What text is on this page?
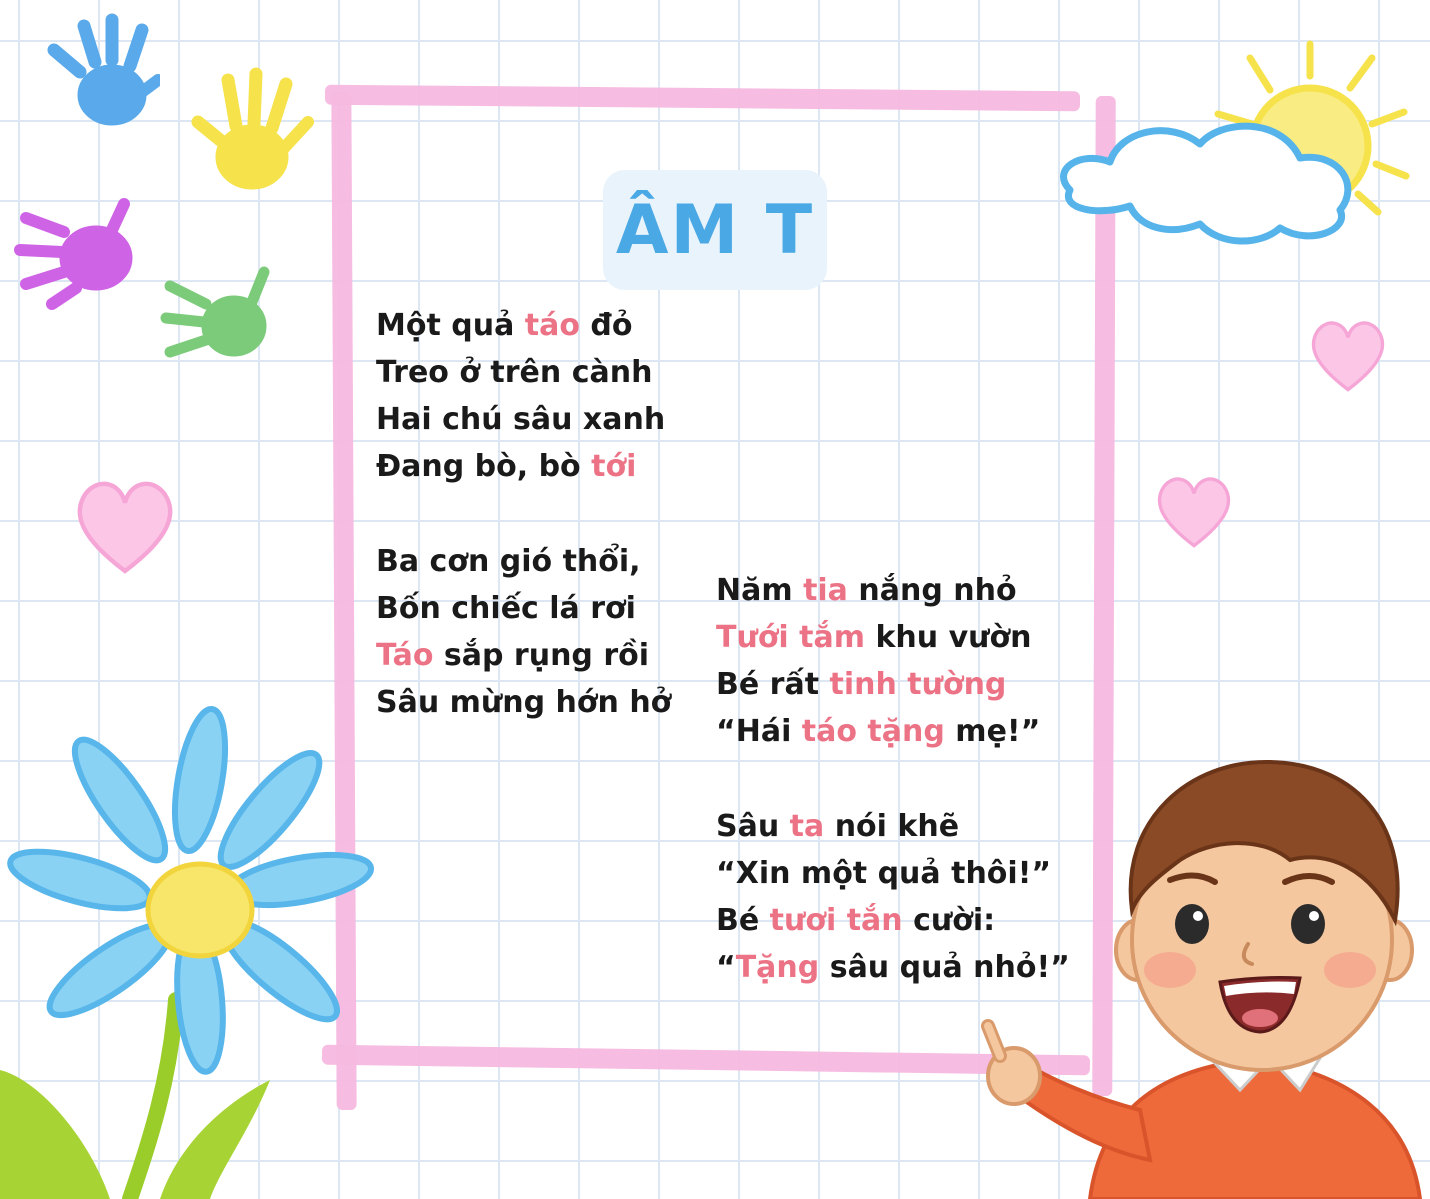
ÂM T
Một quả táo đỏ
Treo ở trên cành
Hai chú sâu xanh
Đang bò, bò tới
Ba cơn gió thổi,
Bốn chiếc lá rơi
Táo sắp rụng rồi
Sâu mừng hớn hở
Năm tia nắng nhỏ
Tưới tắm khu vườn
Bé rất tinh tường
“Hái táo tặng mẹ!”
Sâu ta nói khẽ
“Xin một quả thôi!”
Bé tươi tắn cười:
“Tặng sâu quả nhỏ!”
